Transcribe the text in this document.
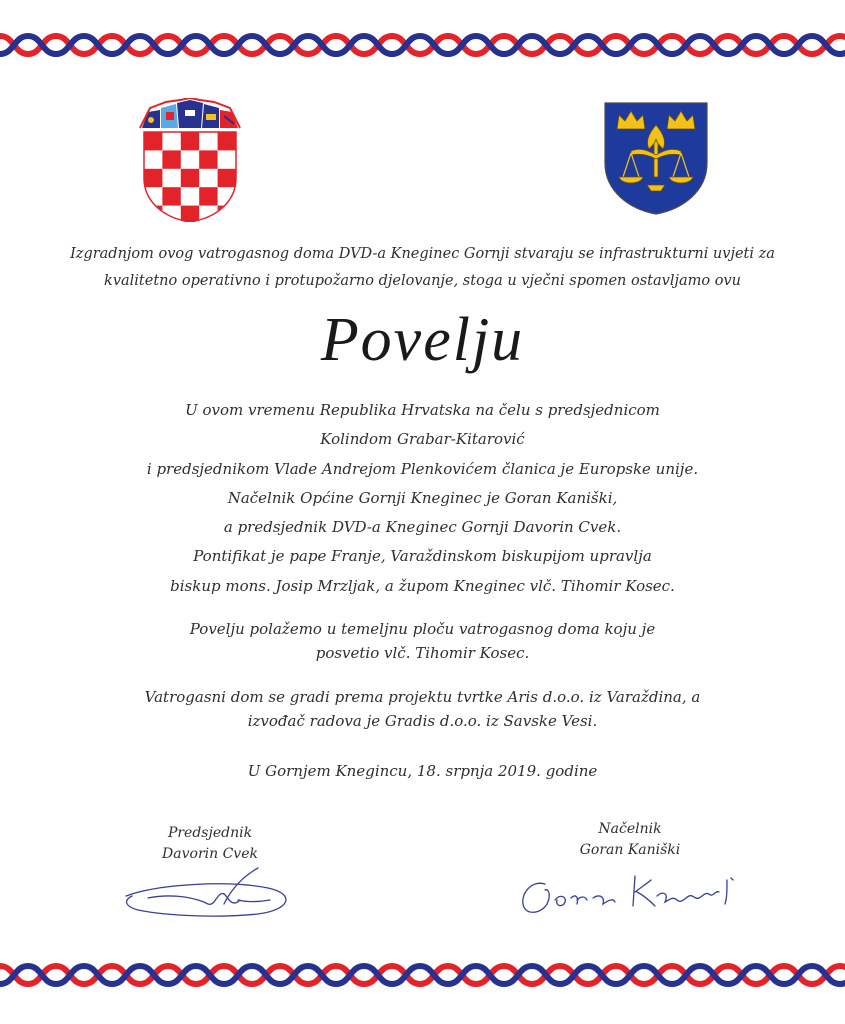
Izgradnjom ovog vatrogasnog doma DVD-a Kneginec Gornji stvaraju se infrastrukturni uvjeti za
kvalitetno operativno i protupožarno djelovanje, stoga u vječni spomen ostavljamo ovu
Povelju
U ovom vremenu Republika Hrvatska na čelu s predsjednicom
Kolindom Grabar-Kitarović
i predsjednikom Vlade Andrejom Plenkovićem članica je Europske unije.
Načelnik Općine Gornji Kneginec je Goran Kaniški,
a predsjednik DVD-a Kneginec Gornji Davorin Cvek.
Pontifikat je pape Franje, Varaždinskom biskupijom upravlja
biskup mons. Josip Mrzljak, a župom Kneginec vlč. Tihomir Kosec.
Povelju polažemo u temeljnu ploču vatrogasnog doma koju je
posvetio vlč. Tihomir Kosec.
Vatrogasni dom se gradi prema projektu tvrtke Aris d.o.o. iz Varaždina, a
izvođač radova je Gradis d.o.o. iz Savske Vesi.
U Gornjem Knegincu, 18. srpnja 2019. godine
Predsjednik
Davorin Cvek
Načelnik
Goran Kaniški
